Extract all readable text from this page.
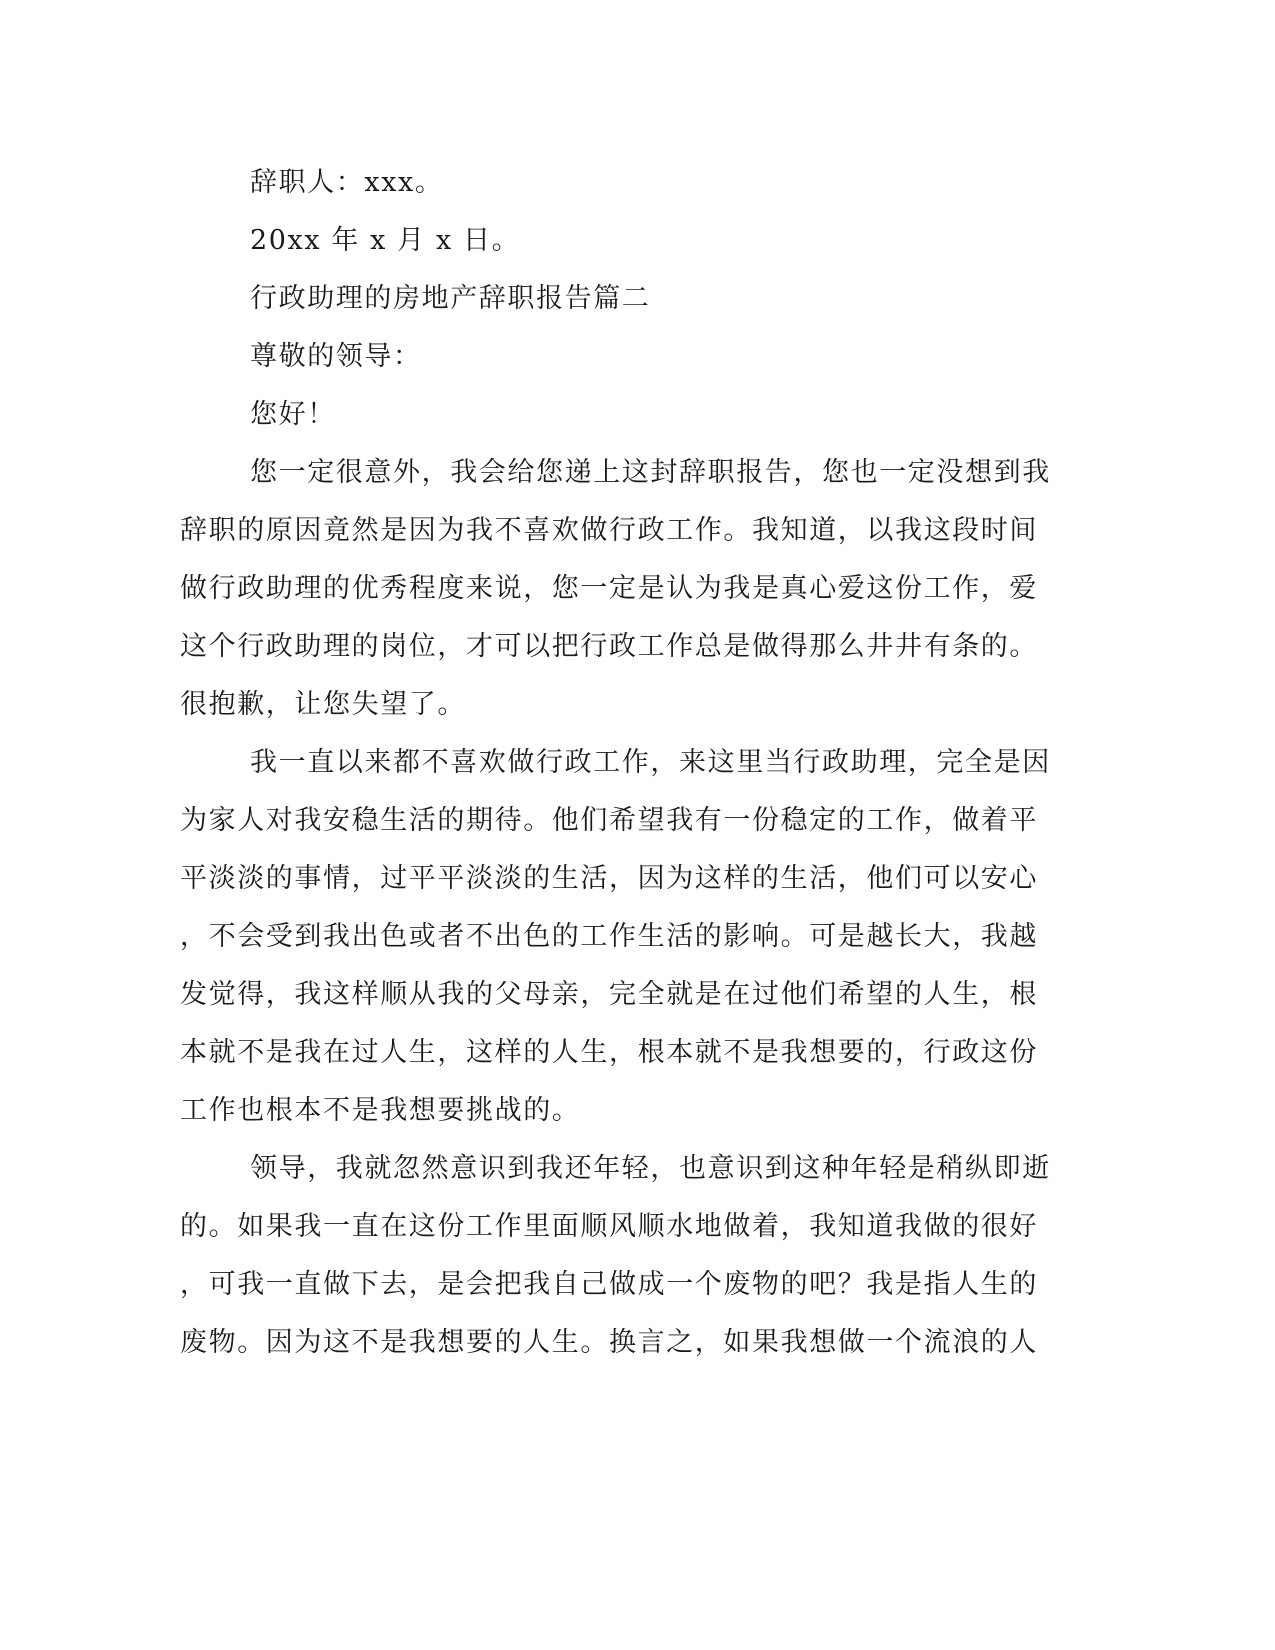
辞职人：xxx。
20xx 年 x 月 x 日。
行政助理的房地产辞职报告篇二
尊敬的领导：
您好！
您一定很意外，我会给您递上这封辞职报告，您也一定没想到我
辞职的原因竟然是因为我不喜欢做行政工作。我知道，以我这段时间
做行政助理的优秀程度来说，您一定是认为我是真心爱这份工作，爱
这个行政助理的岗位，才可以把行政工作总是做得那么井井有条的。
很抱歉，让您失望了。
我一直以来都不喜欢做行政工作，来这里当行政助理，完全是因
为家人对我安稳生活的期待。他们希望我有一份稳定的工作，做着平
平淡淡的事情，过平平淡淡的生活，因为这样的生活，他们可以安心
，不会受到我出色或者不出色的工作生活的影响。可是越长大，我越
发觉得，我这样顺从我的父母亲，完全就是在过他们希望的人生，根
本就不是我在过人生，这样的人生，根本就不是我想要的，行政这份
工作也根本不是我想要挑战的。
领导，我就忽然意识到我还年轻，也意识到这种年轻是稍纵即逝
的。如果我一直在这份工作里面顺风顺水地做着，我知道我做的很好
，可我一直做下去，是会把我自己做成一个废物的吧？我是指人生的
废物。因为这不是我想要的人生。换言之，如果我想做一个流浪的人
